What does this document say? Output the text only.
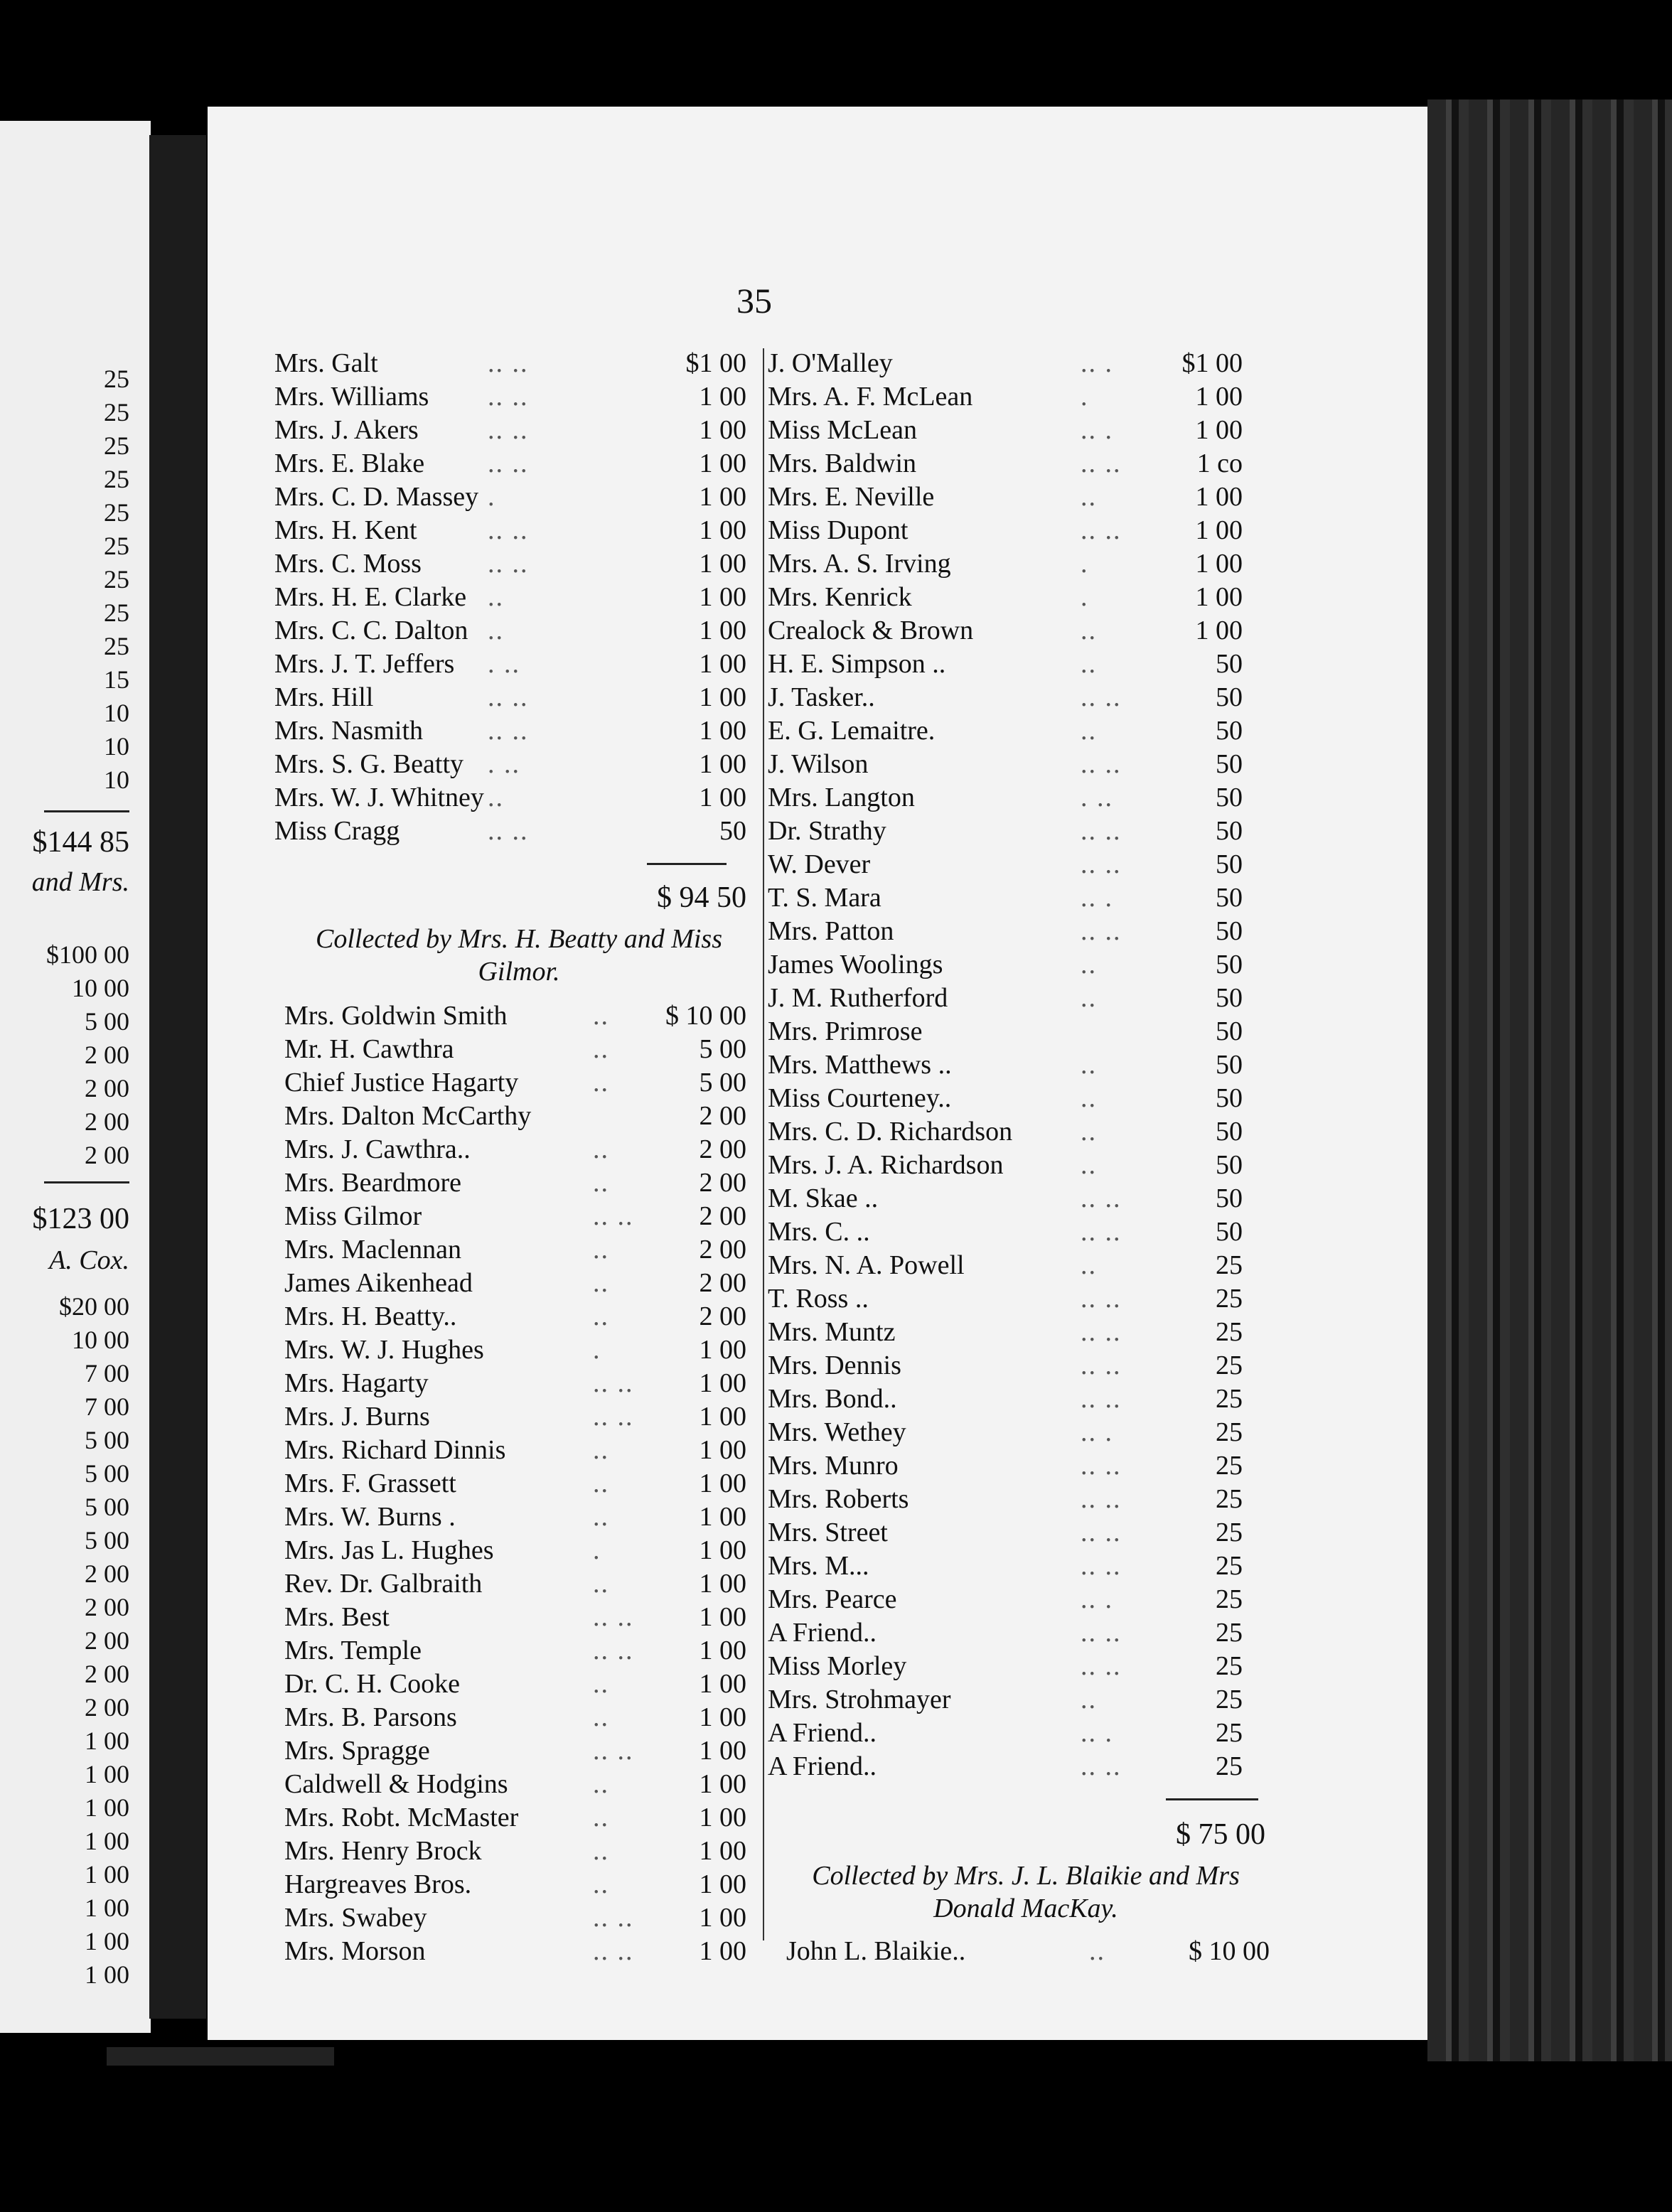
25
25
25
25
25
25
25
25
25
15
10
10
10
$144 85
and Mrs.
$100 00
10 00
5 00
2 00
2 00
2 00
2 00
$123 00
A. Cox.
$20 00
10 00
7 00
7 00
5 00
5 00
5 00
5 00
2 00
2 00
2 00
2 00
2 00
1 00
1 00
1 00
1 00
1 00
1 00
1 00
1 00
35
Mrs. Galt	.. ..	$1 00
Mrs. Williams .. ..	1 00
Mrs. J. Akers	.. ..	1 00
Mrs. E. Blake .. ..	1 00
Mrs. C. D. Massey .	1 00
Mrs. H. Kent	.. ..	1 00
Mrs. C. Moss .. ..	1 00
Mrs. H. E. Clarke ..	1 00
Mrs. C. C. Dalton ..	1 00
Mrs. J. T. Jeffers . ..	1 00
Mrs. Hill	.. ..	1 00
Mrs. Nasmith .. ..	1 00
Mrs. S. G. Beatty . ..	1 00
Mrs. W. J. Whitney ..	1 00
Miss Cragg	.. ..	50
$ 94 50
Collected by Mrs. H. Beatty and Miss Gilmor.
Mrs. Goldwin Smith	.. $ 10 00
Mr. H. Cawthra	..	5 00
Chief Justice Hagarty	..	5 00
Mrs. Dalton McCarthy	2 00
Mrs. J. Cawthra..	..	2 00
Mrs. Beardmore	..	2 00
Miss Gilmor	.. .. 2 00
Mrs. Maclennan	..	2 00
James Aikenhead	..	2 00
Mrs. H. Beatty..	..	2 00
Mrs. W. J. Hughes	.	1 00
Mrs. Hagarty	.. .. 1 00
Mrs. J. Burns	.. .. 1 00
Mrs. Richard Dinnis	..	1 00
Mrs. F. Grassett	..	1 00
Mrs. W. Burns .	..	1 00
Mrs. Jas L. Hughes	.	1 00
Rev. Dr. Galbraith	..	1 00
Mrs. Best	.. .. 1 00
Mrs. Temple	.. .. 1 00
Dr. C. H. Cooke	..	1 00
Mrs. B. Parsons	..	1 00
Mrs. Spragge	.. .. 1 00
Caldwell & Hodgins	..	1 00
Mrs. Robt. McMaster	..	1 00
Mrs. Henry Brock	..	1 00
Hargreaves Bros.	..	1 00
Mrs. Swabey	.. .. 1 00
Mrs. Morson	.. .. 1 00
J. O'Malley	.. .	$1 00
Mrs. A. F. McLean	.	1 00
Miss McLean	.. .	1 00
Mrs. Baldwin	.. ..	1 co
Mrs. E. Neville	..	1 00
Miss Dupont	.. ..	1 00
Mrs. A. S. Irving	.	1 00
Mrs. Kenrick	.	1 00
Crealock & Brown	..	1 00
H. E. Simpson ..	..	50
J. Tasker..	.. ..	50
E. G. Lemaitre.	..	50
J. Wilson	.. ..	50
Mrs. Langton	. ..	50
Dr. Strathy	.. ..	50
W. Dever	.. ..	50
T. S. Mara	.. .	50
Mrs. Patton	.. ..	50
James Woolings	..	50
J. M. Rutherford	..	50
Mrs. Primrose	50
Mrs. Matthews ..	..	50
Miss Courteney..	..	50
Mrs. C. D. Richardson	..	50
Mrs. J. A. Richardson	..	50
M. Skae ..	.. ..	50
Mrs. C. ..	.. ..	50
Mrs. N. A. Powell	..	25
T. Ross ..	.. ..	25
Mrs. Muntz	.. ..	25
Mrs. Dennis	.. ..	25
Mrs. Bond..	.. ..	25
Mrs. Wethey	.. .	25
Mrs. Munro	.. ..	25
Mrs. Roberts	.. ..	25
Mrs. Street	.. ..	25
Mrs. M...	.. ..	25
Mrs. Pearce	.. .	25
A Friend..	.. ..	25
Miss Morley	.. ..	25
Mrs. Strohmayer	..	25
A Friend..	.. .	25
A Friend..	.. ..	25
$ 75 00
Collected by Mrs. J. L. Blaikie and Mrs Donald MacKay.
John L. Blaikie..	..	$ 10 00
